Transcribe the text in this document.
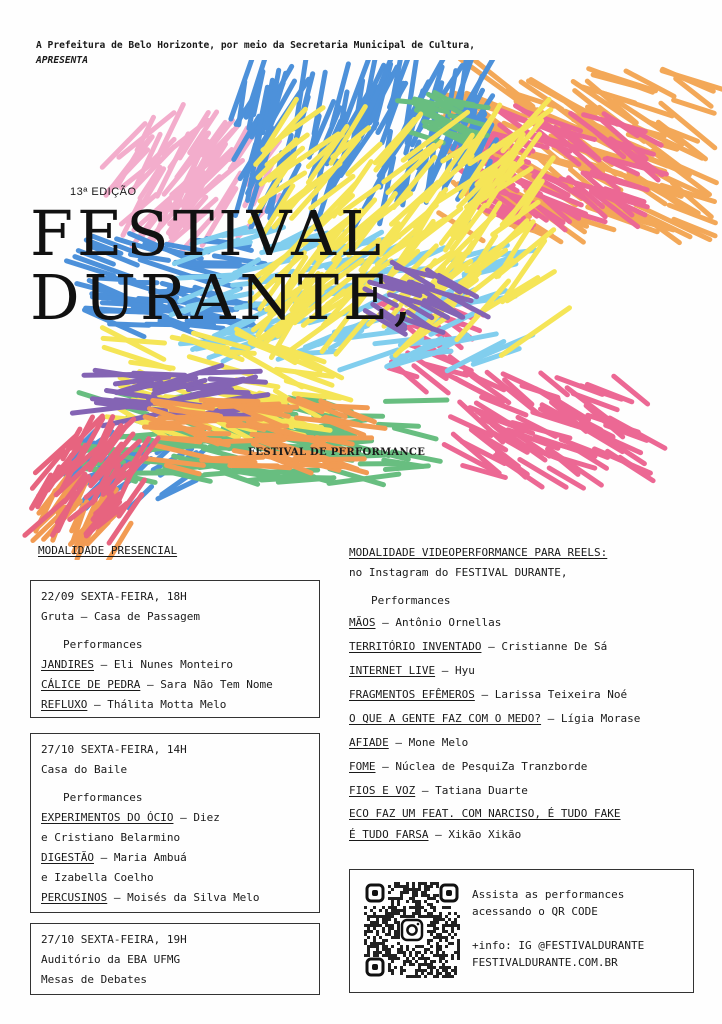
A Prefeitura de Belo Horizonte, por meio da Secretaria Municipal de Cultura,
APRESENTA
13ª EDIÇÃO
FESTIVAL
DURANTE,
FESTIVAL DE PERFORMANCE
MODALIDADE PRESENCIAL
22/09 SEXTA-FEIRA, 18H
Gruta – Casa de Passagem
Performances
JANDIRES – Eli Nunes Monteiro
CÁLICE DE PEDRA – Sara Não Tem Nome
REFLUXO – Thálita Motta Melo
27/10 SEXTA-FEIRA, 14H
Casa do Baile
Performances
EXPERIMENTOS DO ÓCIO — Diez
e Cristiano Belarmino
DIGESTÃO – Maria Ambuá
e Izabella Coelho
PERCUSINOS – Moisés da Silva Melo
27/10 SEXTA-FEIRA, 19H
Auditório da EBA UFMG
Mesas de Debates
MODALIDADE VIDEOPERFORMANCE PARA REELS:
no Instagram do FESTIVAL DURANTE,
Performances
MÃOS – Antônio Ornellas
TERRITÓRIO INVENTADO – Cristianne De Sá
INTERNET LIVE – Hyu
FRAGMENTOS EFÊMEROS – Larissa Teixeira Noé
O QUE A GENTE FAZ COM O MEDO? – Lígia Morase
AFIADE – Mone Melo
FOME – Núclea de PesquiZa Tranzborde
FIOS E VOZ – Tatiana Duarte
ECO FAZ UM FEAT. COM NARCISO, É TUDO FAKE
É TUDO FARSA – Xikão Xikão
Assista as performances
acessando o QR CODE
+info: IG @FESTIVALDURANTE
FESTIVALDURANTE.COM.BR
